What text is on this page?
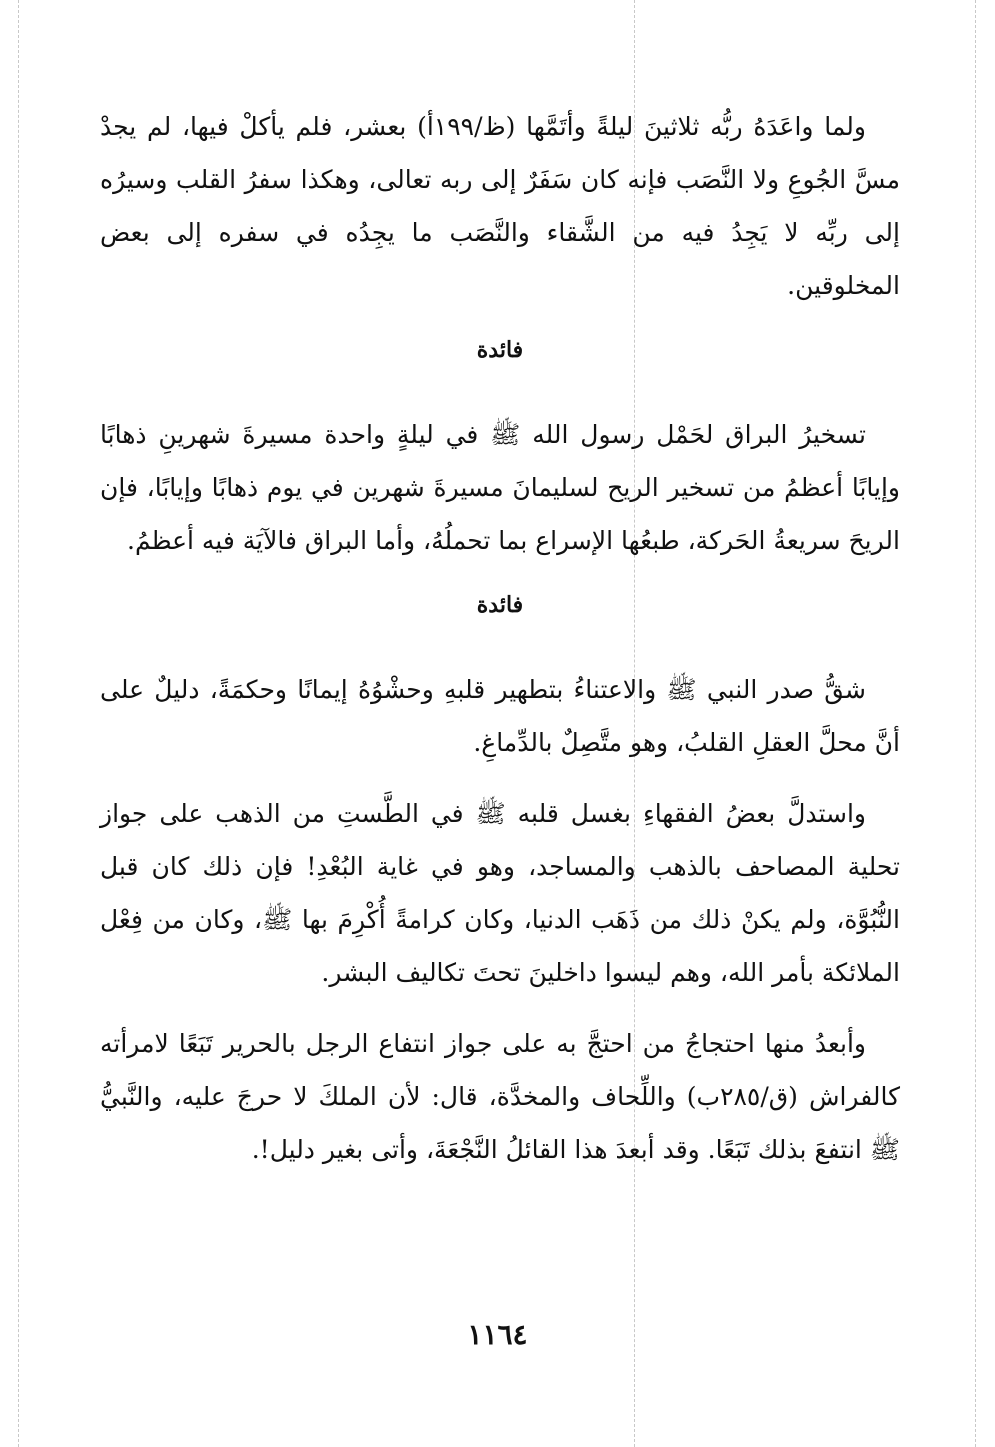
ولما واعَدَهُ ربُّه ثلاثينَ ليلةً وأتَمَّها (ظ/١٩٩أ) بعشر، فلم يأكلْ فيها، لم يجدْ مسَّ الجُوعِ ولا النَّصَب فإنه كان سَفَرٌ إلى ربه تعالى، وهكذا سفرُ القلب وسيرُه إلى ربِّه لا يَجِدُ فيه من الشَّقاء والنَّصَب ما يجِدُه في سفره إلى بعض المخلوقين.

فائدة

تسخيرُ البراق لحَمْل رسول الله ﷺ في ليلةٍ واحدة مسيرةَ شهرينِ ذهابًا وإيابًا أعظمُ من تسخير الريح لسليمانَ مسيرةَ شهرين في يوم ذهابًا وإيابًا، فإن الريحَ سريعةُ الحَركة، طبعُها الإسراع بما تحملُهُ، وأما البراق فالآيَة فيه أعظمُ.

فائدة

شقُّ صدر النبي ﷺ والاعتناءُ بتطهير قلبهِ وحشْوُهُ إيمانًا وحكمَةً، دليلٌ على أنَّ محلَّ العقلِ القلبُ، وهو متَّصِلٌ بالدِّماغِ.

واستدلَّ بعضُ الفقهاءِ بغسل قلبه ﷺ في الطَّستِ من الذهب على جواز تحلية المصاحف بالذهب والمساجد، وهو في غاية البُعْدِ! فإن ذلك كان قبل النُّبُوَّة، ولم يكنْ ذلك من ذَهَب الدنيا، وكان كرامةً أُكْرِمَ بها ﷺ، وكان من فِعْل الملائكة بأمر الله، وهم ليسوا داخلينَ تحتَ تكاليف البشر.

وأبعدُ منها احتجاجُ من احتجَّ به على جواز انتفاع الرجل بالحرير تَبَعًا لامرأته كالفراش (ق/٢٨٥ب) واللِّحاف والمخدَّة، قال: لأن الملكَ لا حرجَ عليه، والنَّبيُّ ﷺ انتفعَ بذلك تَبَعًا. وقد أبعدَ هذا القائلُ النَّجْعَةَ، وأتى بغير دليل!.

١١٦٤
